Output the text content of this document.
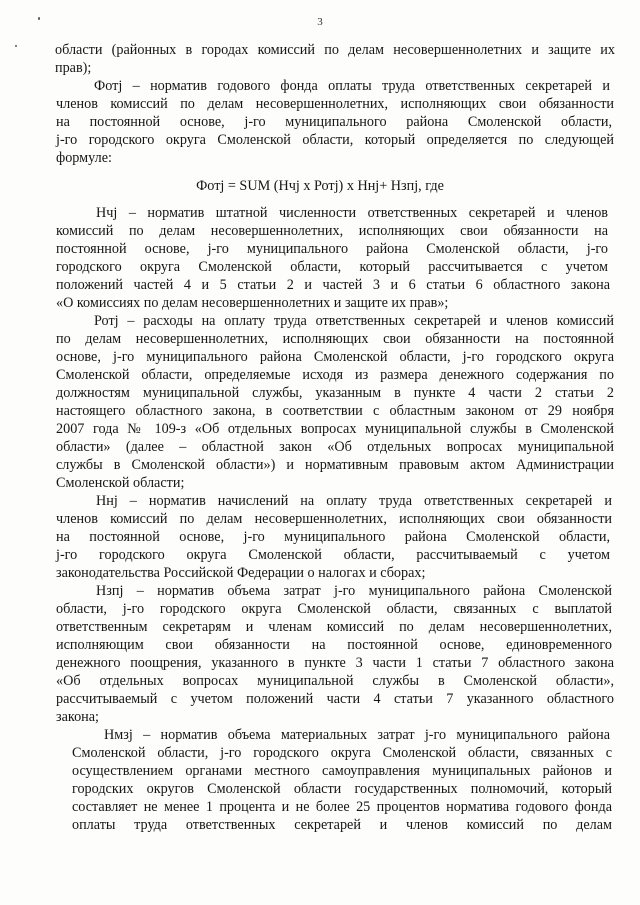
3
области (районных в городах комиссий по делам несовершеннолетних и защите их
прав);
Фотj – норматив годового фонда оплаты труда ответственных секретарей и
членов комиссий по делам несовершеннолетних, исполняющих свои обязанности
на постоянной основе, j-го муниципального района Смоленской области,
j-го городского округа Смоленской области, который определяется по следующей
формуле:
Фотj = SUM (Нчj х Ротj) х Ннj+ Нзпj, где
Нчj – норматив штатной численности ответственных секретарей и членов
комиссий по делам несовершеннолетних, исполняющих свои обязанности на
постоянной основе, j-го муниципального района Смоленской области, j-го
городского округа Смоленской области, который рассчитывается с учетом
положений частей 4 и 5 статьи 2 и частей 3 и 6 статьи 6 областного закона
«О комиссиях по делам несовершеннолетних и защите их прав»;
Ротj – расходы на оплату труда ответственных секретарей и членов комиссий
по делам несовершеннолетних, исполняющих свои обязанности на постоянной
основе, j-го муниципального района Смоленской области, j-го городского округа
Смоленской области, определяемые исходя из размера денежного содержания по
должностям муниципальной службы, указанным в пункте 4 части 2 статьи 2
настоящего областного закона, в соответствии с областным законом от 29 ноября
2007 года № 109-з «Об отдельных вопросах муниципальной службы в Смоленской
области» (далее – областной закон «Об отдельных вопросах муниципальной
службы в Смоленской области») и нормативным правовым актом Администрации
Смоленской области;
Ннj – норматив начислений на оплату труда ответственных секретарей и
членов комиссий по делам несовершеннолетних, исполняющих свои обязанности
на постоянной основе, j-го муниципального района Смоленской области,
j-го городского округа Смоленской области, рассчитываемый с учетом
законодательства Российской Федерации о налогах и сборах;
Нзпj – норматив объема затрат j-го муниципального района Смоленской
области, j-го городского округа Смоленской области, связанных с выплатой
ответственным секретарям и членам комиссий по делам несовершеннолетних,
исполняющим свои обязанности на постоянной основе, единовременного
денежного поощрения, указанного в пункте 3 части 1 статьи 7 областного закона
«Об отдельных вопросах муниципальной службы в Смоленской области»,
рассчитываемый с учетом положений части 4 статьи 7 указанного областного
закона;
Нмзj – норматив объема материальных затрат j-го муниципального района
Смоленской области, j-го городского округа Смоленской области, связанных с
осуществлением органами местного самоуправления муниципальных районов и
городских округов Смоленской области государственных полномочий, который
составляет не менее 1 процента и не более 25 процентов норматива годового фонда
оплаты труда ответственных секретарей и членов комиссий по делам
